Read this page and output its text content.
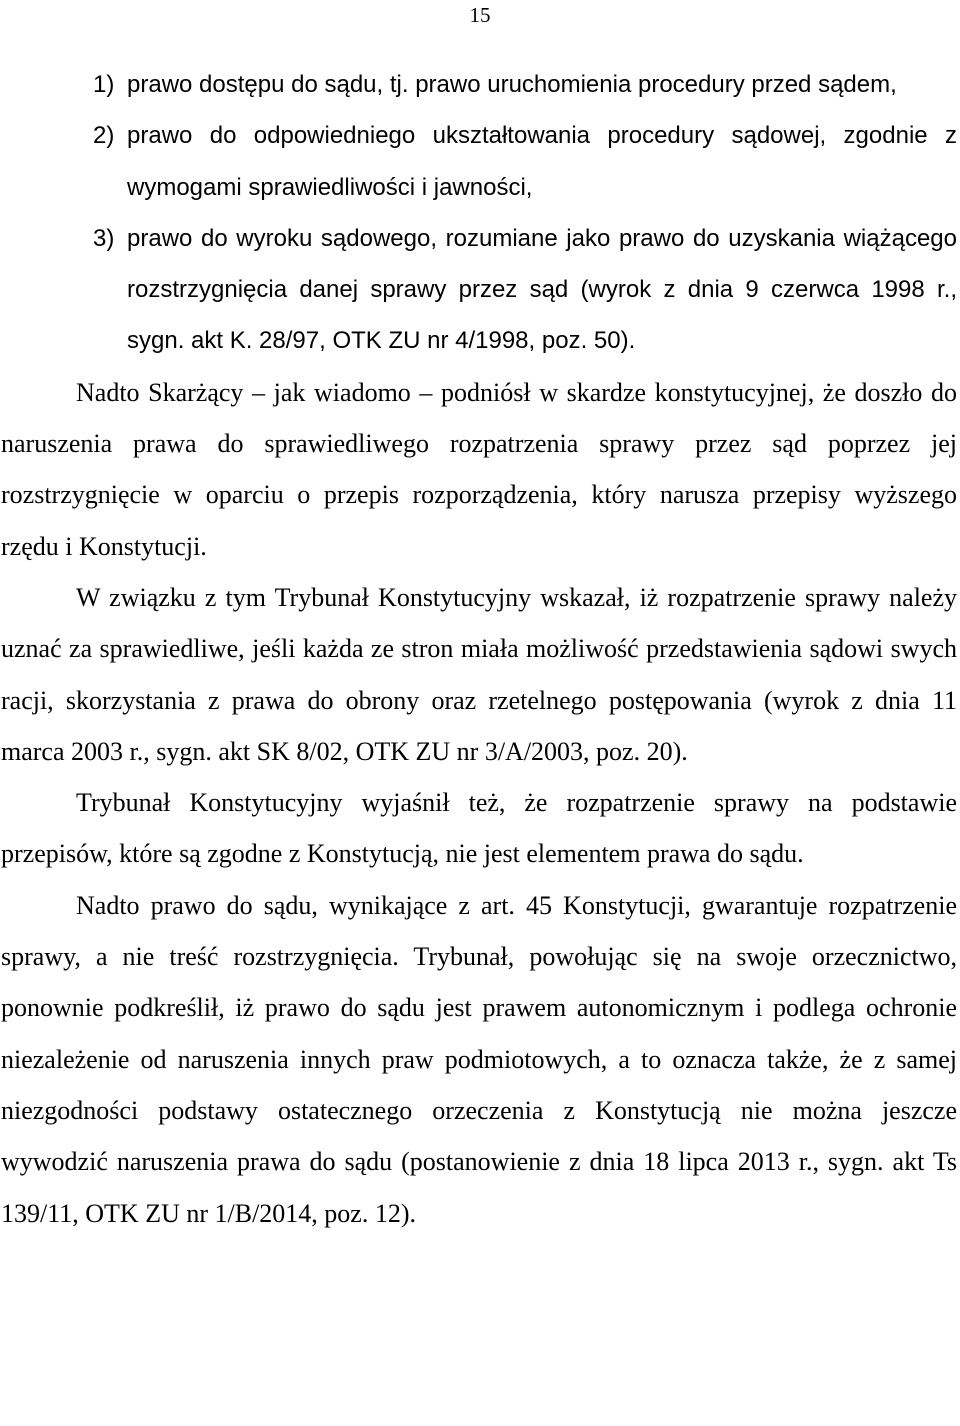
15

1) prawo dostępu do sądu, tj. prawo uruchomienia procedury przed sądem,

2) prawo do odpowiedniego ukształtowania procedury sądowej, zgodnie z wymogami sprawiedliwości i jawności,

3) prawo do wyroku sądowego, rozumiane jako prawo do uzyskania wiążącego rozstrzygnięcia danej sprawy przez sąd (wyrok z dnia 9 czerwca 1998 r., sygn. akt K. 28/97, OTK ZU nr 4/1998, poz. 50).

Nadto Skarżący – jak wiadomo – podniósł w skardze konstytucyjnej, że doszło do naruszenia prawa do sprawiedliwego rozpatrzenia sprawy przez sąd poprzez jej rozstrzygnięcie w oparciu o przepis rozporządzenia, który narusza przepisy wyższego rzędu i Konstytucji.

W związku z tym Trybunał Konstytucyjny wskazał, iż rozpatrzenie sprawy należy uznać za sprawiedliwe, jeśli każda ze stron miała możliwość przedstawienia sądowi swych racji, skorzystania z prawa do obrony oraz rzetelnego postępowania (wyrok z dnia 11 marca 2003 r., sygn. akt SK 8/02, OTK ZU nr 3/A/2003, poz. 20).

Trybunał Konstytucyjny wyjaśnił też, że rozpatrzenie sprawy na podstawie przepisów, które są zgodne z Konstytucją, nie jest elementem prawa do sądu.

Nadto prawo do sądu, wynikające z art. 45 Konstytucji, gwarantuje rozpatrzenie sprawy, a nie treść rozstrzygnięcia. Trybunał, powołując się na swoje orzecznictwo, ponownie podkreślił, iż prawo do sądu jest prawem autonomicznym i podlega ochronie niezależenie od naruszenia innych praw podmiotowych, a to oznacza także, że z samej niezgodności podstawy ostatecznego orzeczenia z Konstytucją nie można jeszcze wywodzić naruszenia prawa do sądu (postanowienie z dnia 18 lipca 2013 r., sygn. akt Ts 139/11, OTK ZU nr 1/B/2014, poz. 12).
